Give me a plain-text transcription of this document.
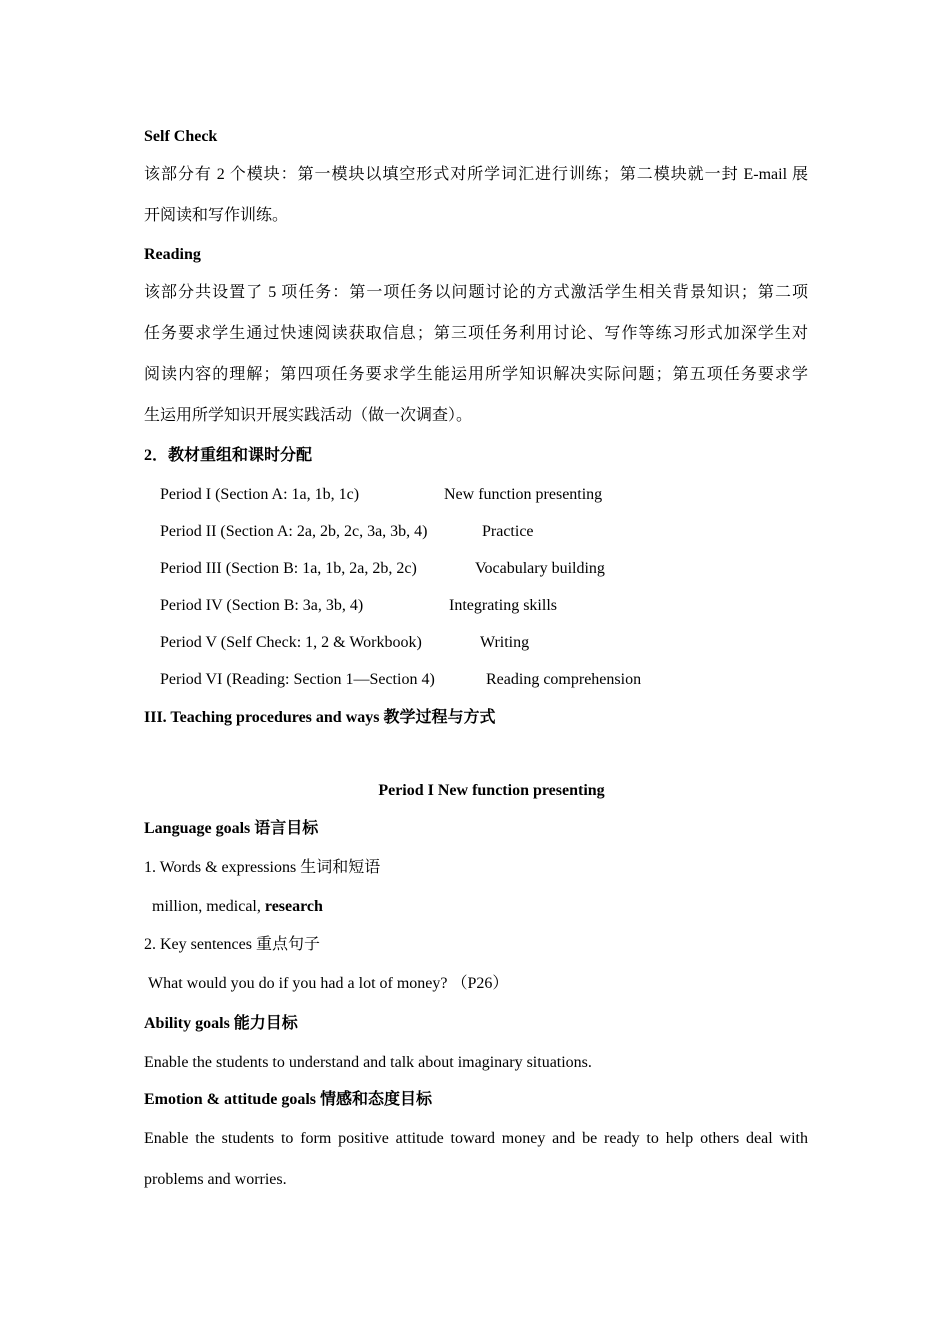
Self Check
该部分有 2 个模块：第一模块以填空形式对所学词汇进行训练；第二模块就一封 E-mail 展
开阅读和写作训练。
Reading
该部分共设置了 5 项任务：第一项任务以问题讨论的方式激活学生相关背景知识；第二项
任务要求学生通过快速阅读获取信息；第三项任务利用讨论、写作等练习形式加深学生对
阅读内容的理解；第四项任务要求学生能运用所学知识解决实际问题；第五项任务要求学
生运用所学知识开展实践活动（做一次调查）。
2．教材重组和课时分配
Period I (Section A: 1a, 1b, 1c)	New function presenting
Period II (Section A: 2a, 2b, 2c, 3a, 3b, 4)	Practice
Period III (Section B: 1a, 1b, 2a, 2b, 2c)	Vocabulary building
Period IV (Section B: 3a, 3b, 4)	Integrating skills
Period V (Self Check: 1, 2 & Workbook)	Writing
Period VI (Reading: Section 1—Section 4)	Reading comprehension
III. Teaching procedures and ways 教学过程与方式
Period I New function presenting
Language goals 语言目标
1. Words & expressions 生词和短语
million, medical, research
2. Key sentences 重点句子
What would you do if you had a lot of money? （P26）
Ability goals 能力目标
Enable the students to understand and talk about imaginary situations.
Emotion & attitude goals 情感和态度目标
Enable the students to form positive attitude toward money and be ready to help others deal with
problems and worries.
